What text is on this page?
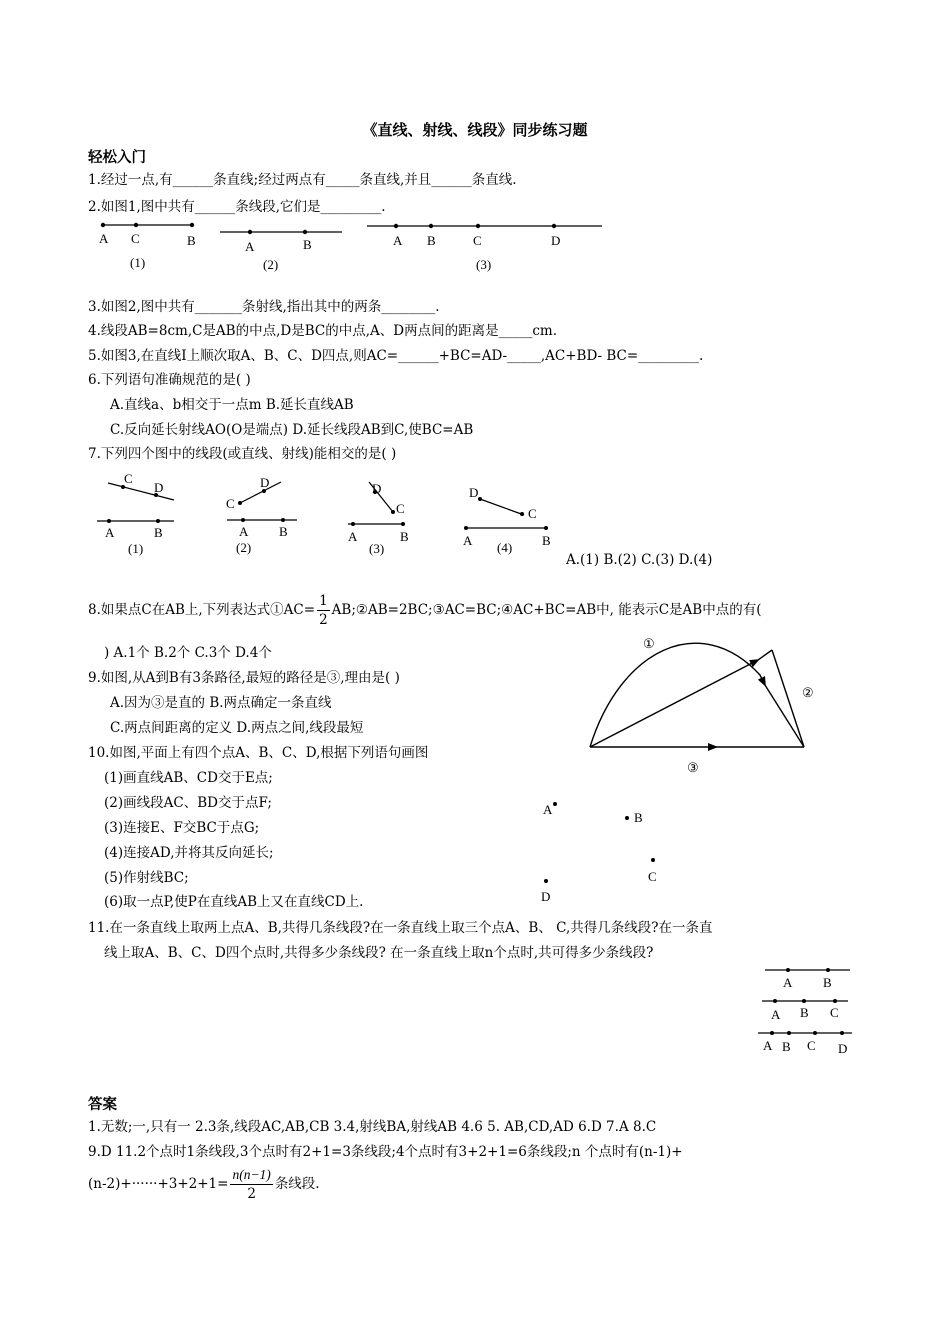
《直线、射线、线段》同步练习题
轻松入门
1.经过一点,有______条直线;经过两点有_____条直线,并且______条直线.
2.如图1,图中共有______条线段,它们是_________.
A C	B
(1)
A	B
(2)
A B	C	D
(3)
3.如图2,图中共有_______条射线,指出其中的两条________.
4.线段AB=8cm,C是AB的中点,D是BC的中点,A、D两点间的距离是_____cm.
5.如图3,在直线I上顺次取A、B、C、D四点,则AC=______+BC=AD-_____,AC+BD- BC=_________.
6.下列语句准确规范的是( )
A.直线a、b相交于一点m B.延长直线AB
C.反向延长射线AO(O是端点) D.延长线段AB到C,使BC=AB
7.下列四个图中的线段(或直线、射线)能相交的是( )
C
D
A	B
(1)
C
D
A B
(2)
D
C
A	B
(3)
D
C
A	B
(4)
A.(1) B.(2) C.(3) D.(4)
8.如果点C在AB上,下列表达式①AC= $\frac{1}{2}$ AB;②AB=2BC;③AC=BC;④AC+BC=AB中, 能表示C是AB中点的有(
) A.1个 B.2个 C.3个 D.4个
9.如图,从A到B有3条路径,最短的路径是③,理由是( )
A.因为③是直的 B.两点确定一条直线
C.两点间距离的定义 D.两点之间,线段最短
①
②
③
10.如图,平面上有四个点A、B、C、D,根据下列语句画图
(1)画直线AB、CD交于E点;
(2)画线段AC、BD交于点F;
(3)连接E、F交BC于点G;
(4)连接AD,并将其反向延长;
(5)作射线BC;
(6)取一点P,使P在直线AB上又在直线CD上.
A
B
C
D
11.在一条直线上取两上点A、B,共得几条线段?在一条直线上取三个点A、B、 C,共得几条线段?在一条直
线上取A、B、C、D四个点时,共得多少条线段? 在一条直线上取n个点时,共可得多少条线段?
A B
A B C
A B C D
答案
1.无数;一,只有一 2.3条,线段AC,AB,CB 3.4,射线BA,射线AB 4.6 5. AB,CD,AD 6.D 7.A 8.C
9.D 11.2个点时1条线段,3个点时有2+1=3条线段;4个点时有3+2+1=6条线段;n 个点时有(n-1)+
$(n-2)+\cdot\cdot\cdot\cdot\cdot\cdot+3+2+1= \frac{n(n-1)}{2}$ 条线段.
